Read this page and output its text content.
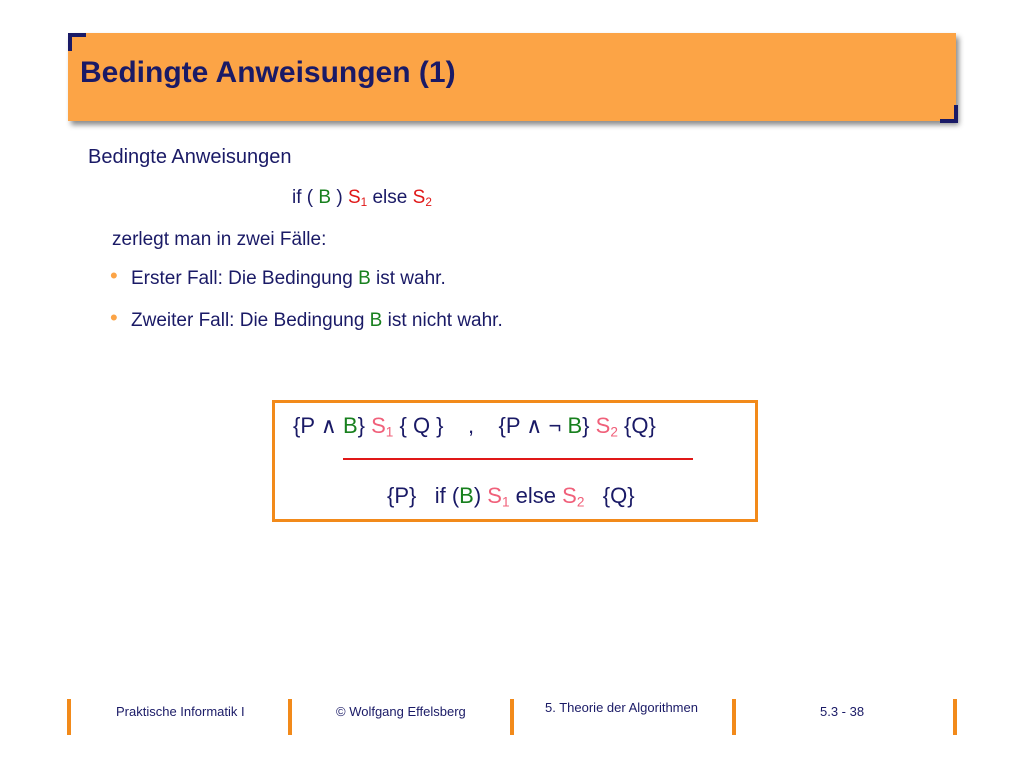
Bedingte Anweisungen (1)
Bedingte Anweisungen
if ( B ) $S_1$ else $S_2$
zerlegt man in zwei Fälle:
• Erster Fall: Die Bedingung B ist wahr.
• Zweiter Fall: Die Bedingung B ist nicht wahr.
{P ∧ B} $S_1$ { Q }    ,    {P ∧ ¬ B} $S_2$ {Q}
{P}   if (B) $S_1$ else $S_2$   {Q}
Praktische Informatik I	© Wolfgang Effelsberg	5. Theorie der Algorithmen	5.3 - 38
